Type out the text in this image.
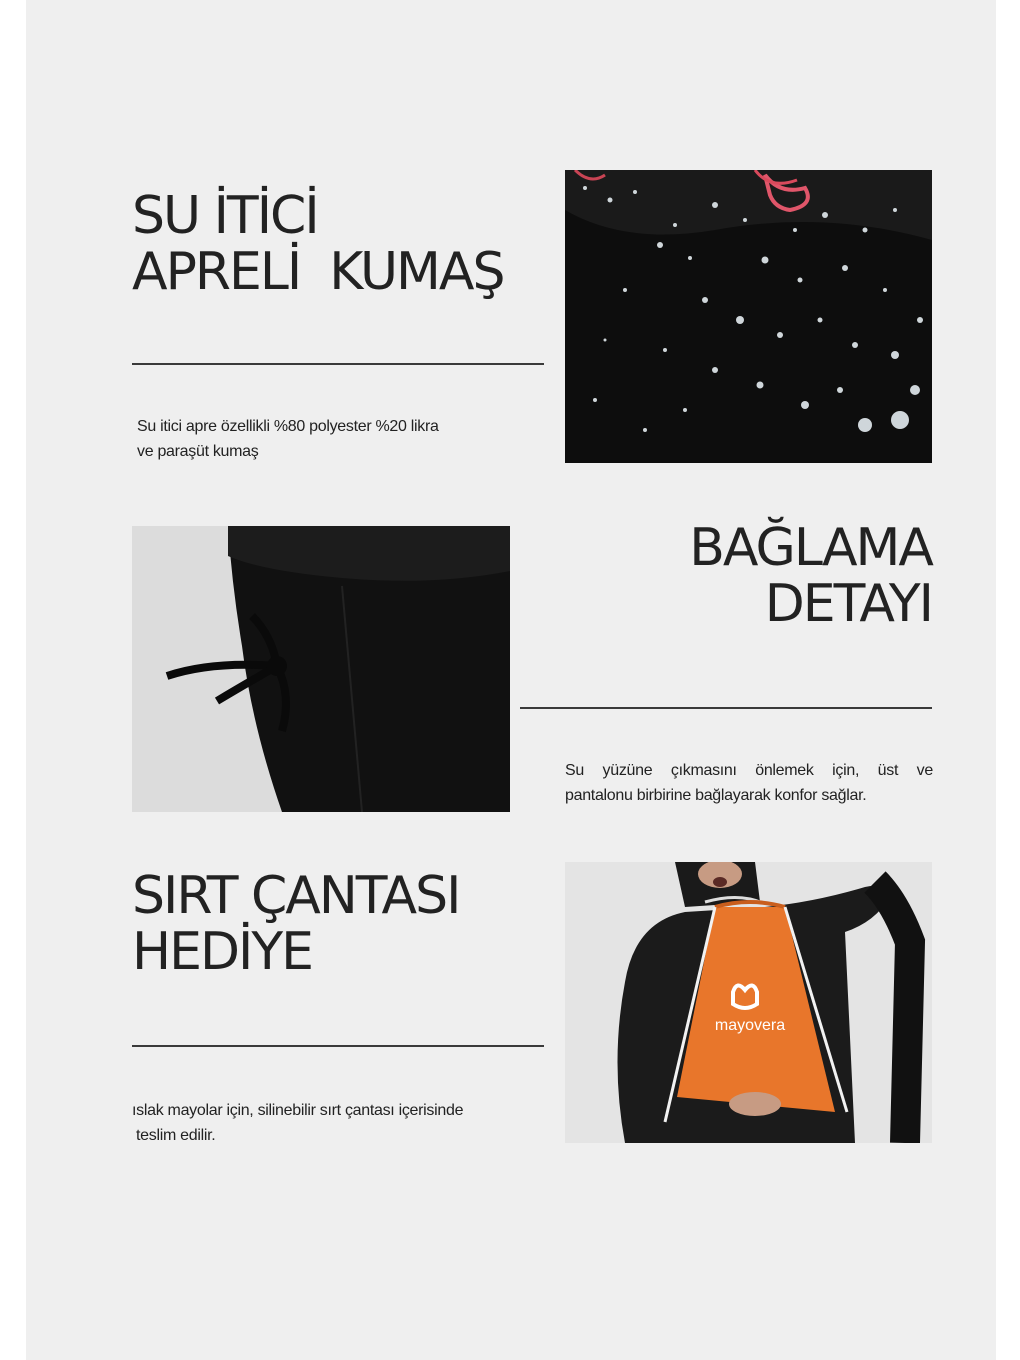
SU İTİCİ
APRELİ  KUMAŞ
Su itici apre özellikli %80 polyester %20 likra
ve paraşüt kumaş
BAĞLAMA
DETAYI
Su yüzüne çıkmasını önlemek için, üst ve
pantalonu birbirine bağlayarak konfor sağlar.
SIRT ÇANTASI
HEDİYE
ıslak mayolar için, silinebilir sırt çantası içerisinde
teslim edilir.
mayovera
